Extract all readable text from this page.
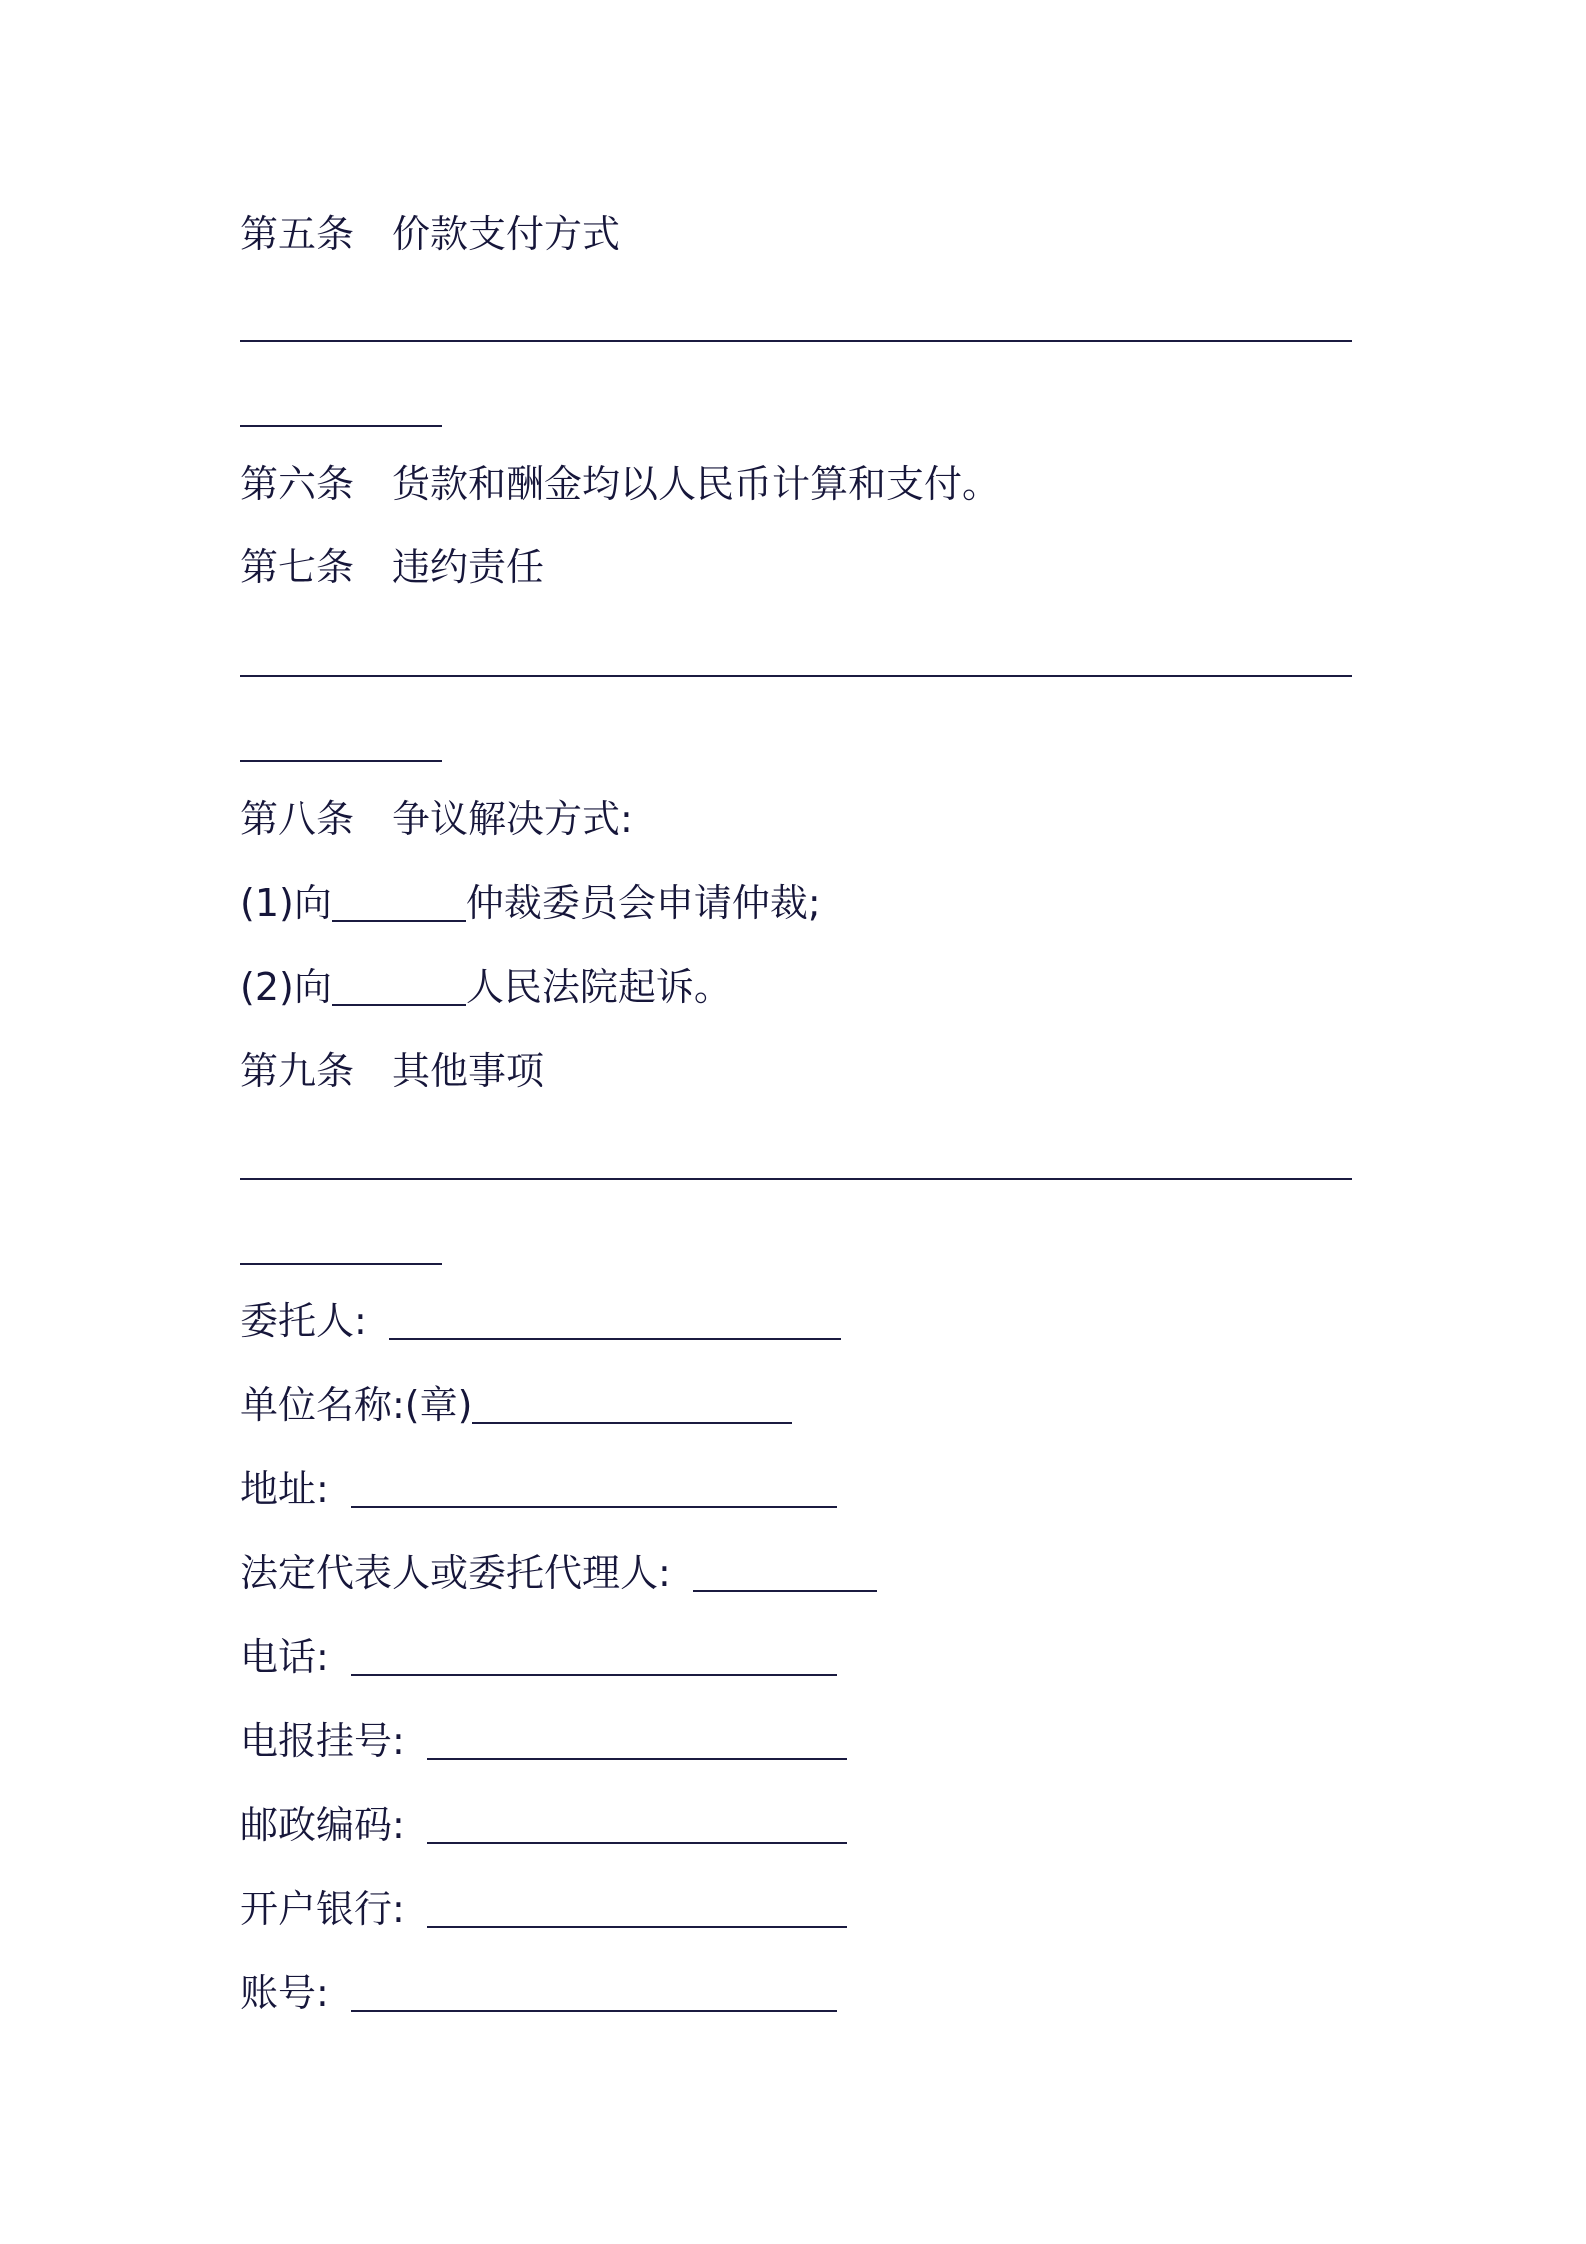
第五条 价款支付方式
第六条 货款和酬金均以人民币计算和支付。
第七条 违约责任
第八条 争议解决方式:
(1)向	仲裁委员会申请仲裁;
(2)向	人民法院起诉。
第九条 其他事项
委托人:
单位名称:(章)
地址:
法定代表人或委托代理人:
电话:
电报挂号:
邮政编码:
开户银行:
账号:
